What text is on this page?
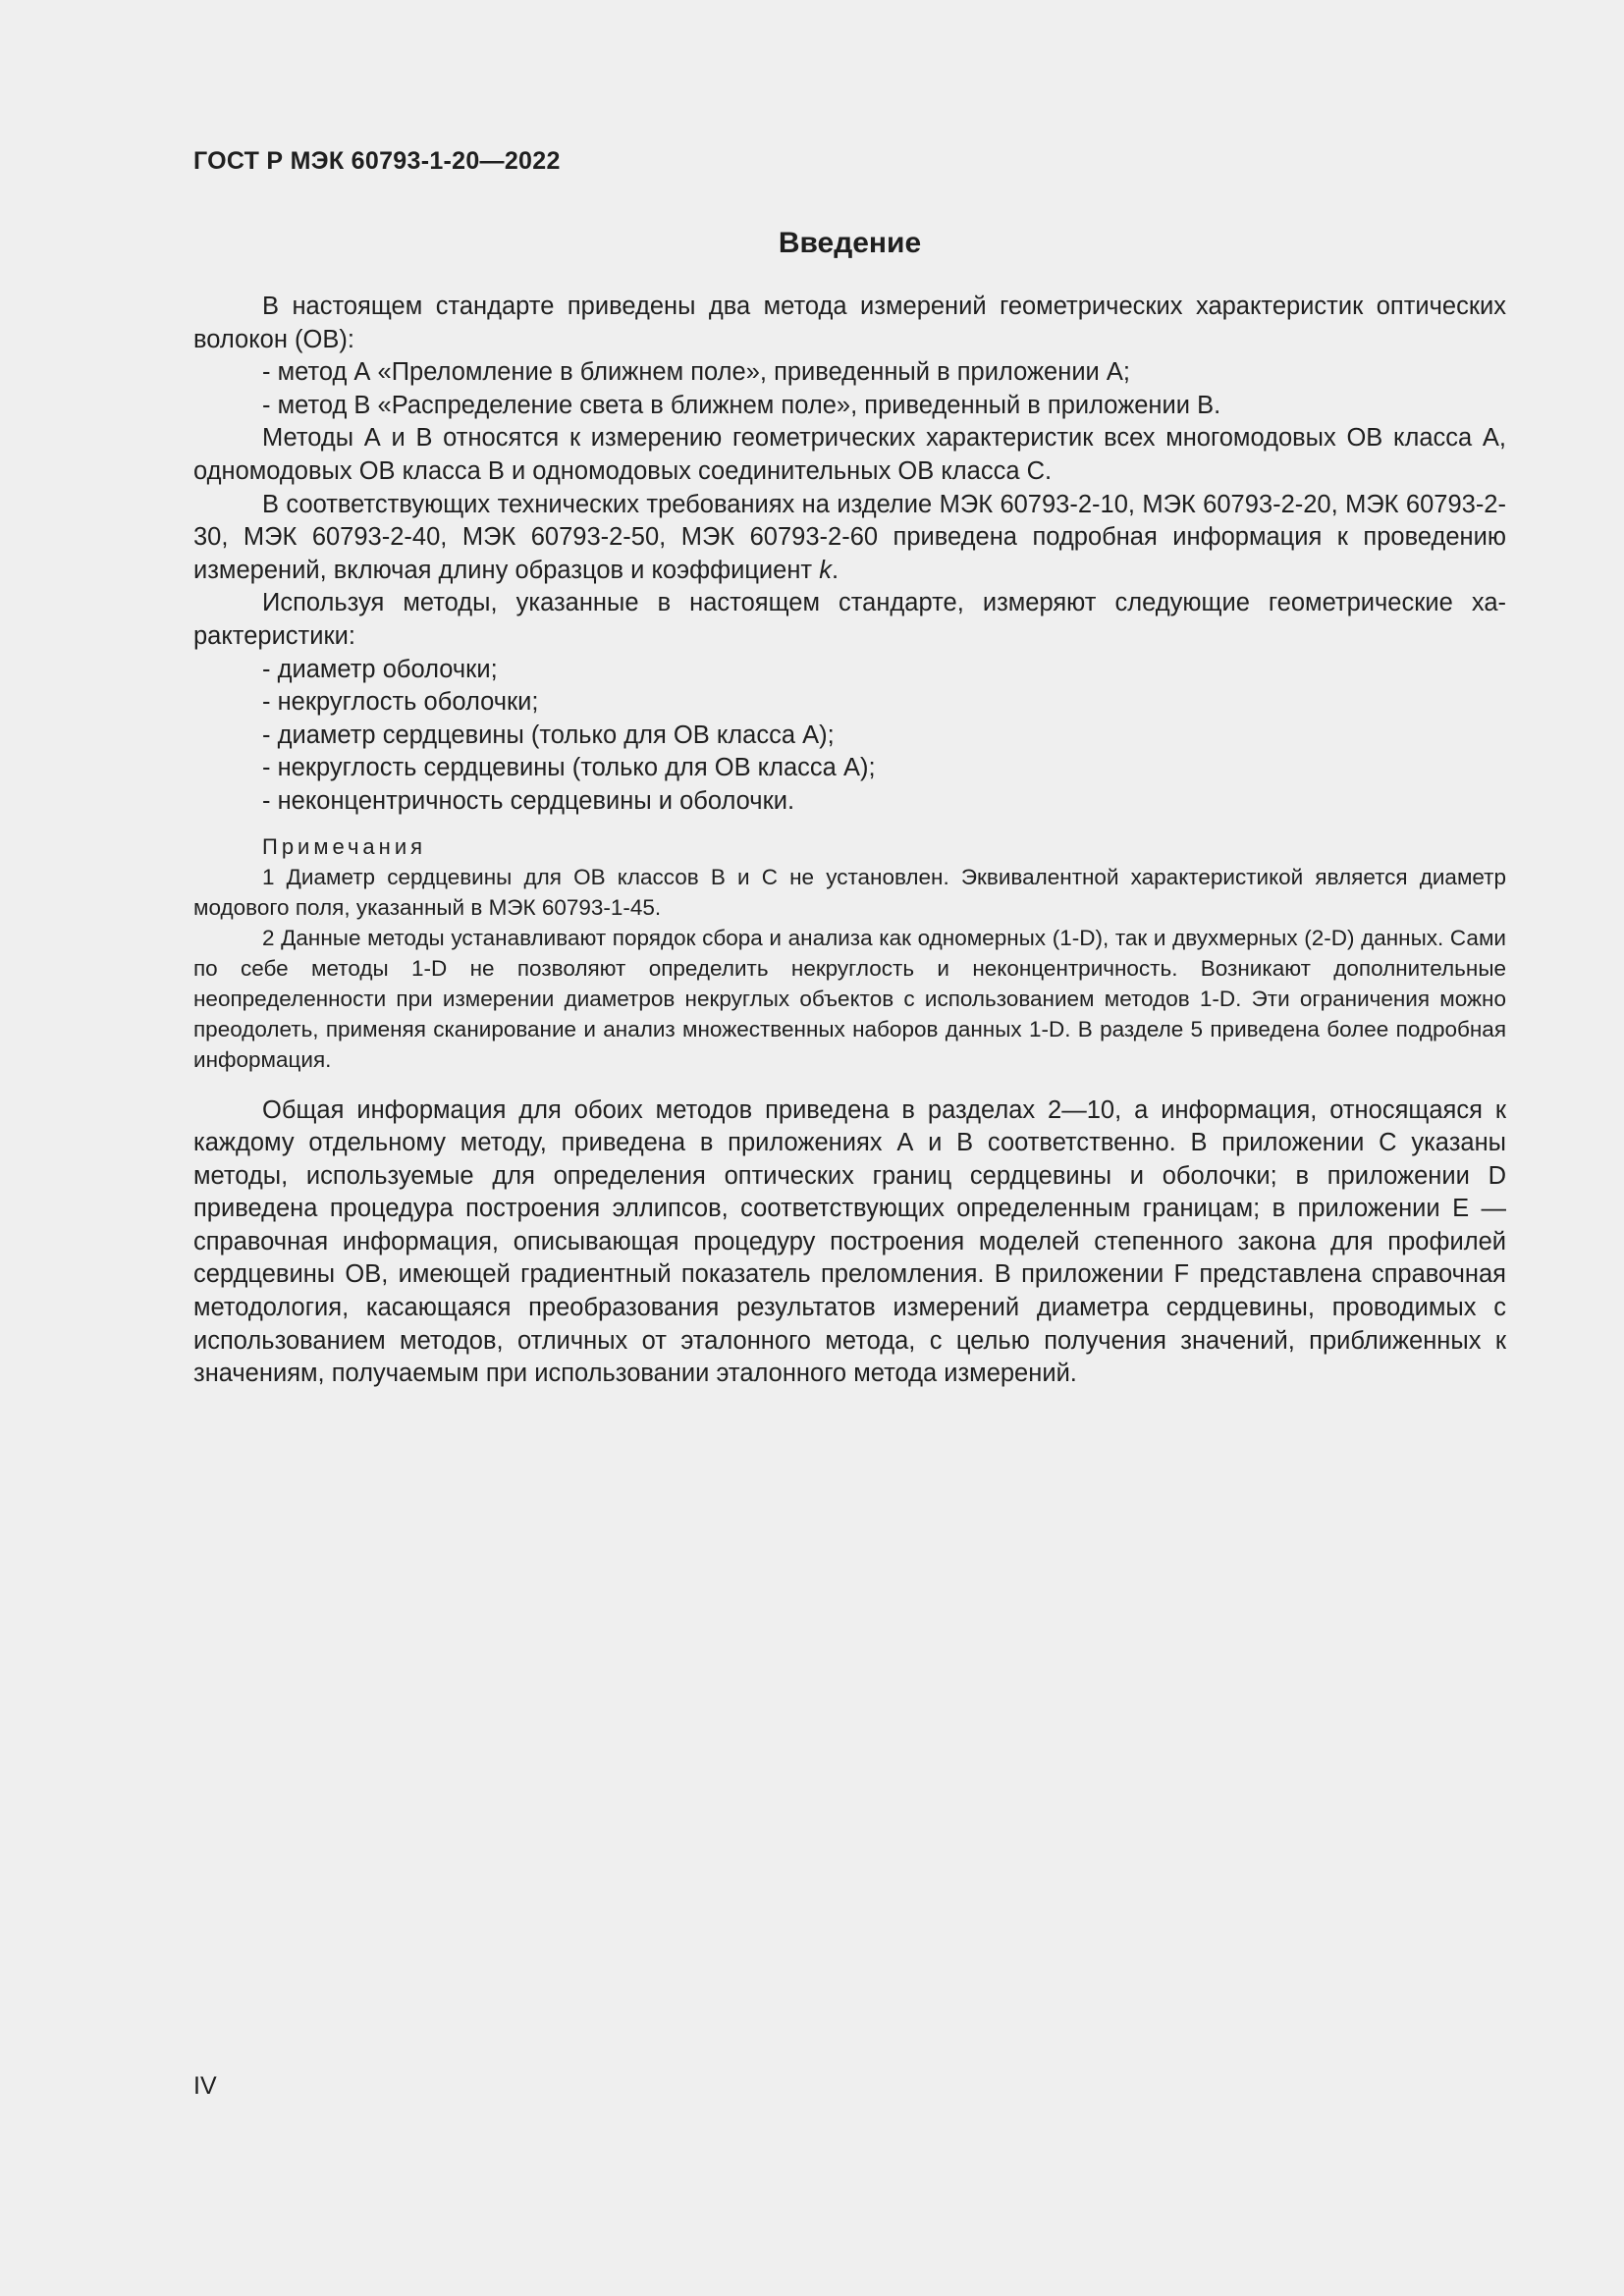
ГОСТ Р МЭК 60793-1-20—2022
Введение

В настоящем стандарте приведены два метода измерений геометрических характеристик оптических волокон (ОВ):

- метод А «Преломление в ближнем поле», приведенный в приложении А;

- метод В «Распределение света в ближнем поле», приведенный в приложении В.

Методы А и В относятся к измерению геометрических характеристик всех многомодовых ОВ класса А, одномодовых ОВ класса В и одномодовых соединительных ОВ класса С.

В соответствующих технических требованиях на изделие МЭК 60793-2-10, МЭК 60793-2-20, МЭК 60793-2-30, МЭК 60793-2-40, МЭК 60793-2-50, МЭК 60793-2-60 приведена подробная информация к проведению измерений, включая длину образцов и коэффициент k.

Используя методы, указанные в настоящем стандарте, измеряют следующие геометрические характеристики:

- диаметр оболочки;

- некруглость оболочки;

- диаметр сердцевины (только для ОВ класса А);

- некруглость сердцевины (только для ОВ класса А);

- неконцентричность сердцевины и оболочки.

Примечания

1 Диаметр сердцевины для ОВ классов В и С не установлен. Эквивалентной характеристикой является диаметр модового поля, указанный в МЭК 60793-1-45.

2 Данные методы устанавливают порядок сбора и анализа как одномерных (1-D), так и двухмерных (2-D) данных. Сами по себе методы 1-D не позволяют определить некруглость и неконцентричность. Возникают дополнительные неопределенности при измерении диаметров некруглых объектов с использованием методов 1-D. Эти ограничения можно преодолеть, применяя сканирование и анализ множественных наборов данных 1-D. В разделе 5 приведена более подробная информация.

Общая информация для обоих методов приведена в разделах 2—10, а информация, относящаяся к каждому отдельному методу, приведена в приложениях А и В соответственно. В приложении С указаны методы, используемые для определения оптических границ сердцевины и оболочки; в приложении D приведена процедура построения эллипсов, соответствующих определенным границам; в приложении Е — справочная информация, описывающая процедуру построения моделей степенного закона для профилей сердцевины ОВ, имеющей градиентный показатель преломления. В приложении F представлена справочная методология, касающаяся преобразования результатов измерений диаметра сердцевины, проводимых с использованием методов, отличных от эталонного метода, с целью получения значений, приближенных к значениям, получаемым при использовании эталонного метода измерений.

IV
